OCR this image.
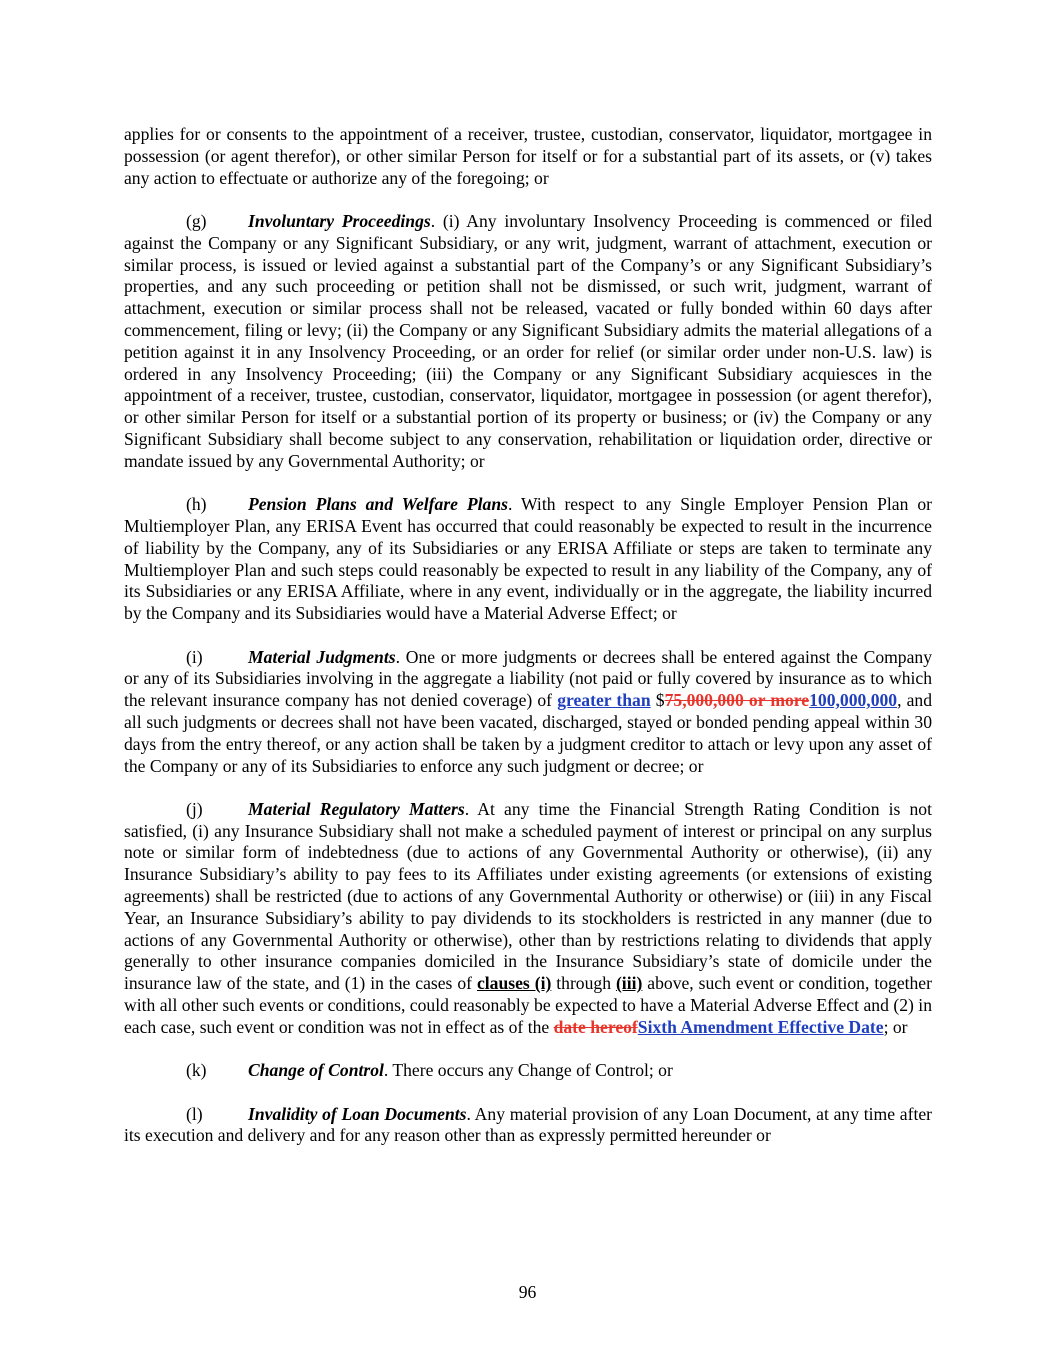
applies for or consents to the appointment of a receiver, trustee, custodian, conservator, liquidator, mortgagee in possession (or agent therefor), or other similar Person for itself or for a substantial part of its assets, or (v) takes any action to effectuate or authorize any of the foregoing; or

(g) Involuntary Proceedings. (i) Any involuntary Insolvency Proceeding is commenced or filed against the Company or any Significant Subsidiary, or any writ, judgment, warrant of attachment, execution or similar process, is issued or levied against a substantial part of the Company’s or any Significant Subsidiary’s properties, and any such proceeding or petition shall not be dismissed, or such writ, judgment, warrant of attachment, execution or similar process shall not be released, vacated or fully bonded within 60 days after commencement, filing or levy; (ii) the Company or any Significant Subsidiary admits the material allegations of a petition against it in any Insolvency Proceeding, or an order for relief (or similar order under non-U.S. law) is ordered in any Insolvency Proceeding; (iii) the Company or any Significant Subsidiary acquiesces in the appointment of a receiver, trustee, custodian, conservator, liquidator, mortgagee in possession (or agent therefor), or other similar Person for itself or a substantial portion of its property or business; or (iv) the Company or any Significant Subsidiary shall become subject to any conservation, rehabilitation or liquidation order, directive or mandate issued by any Governmental Authority; or

(h) Pension Plans and Welfare Plans. With respect to any Single Employer Pension Plan or Multiemployer Plan, any ERISA Event has occurred that could reasonably be expected to result in the incurrence of liability by the Company, any of its Subsidiaries or any ERISA Affiliate or steps are taken to terminate any Multiemployer Plan and such steps could reasonably be expected to result in any liability of the Company, any of its Subsidiaries or any ERISA Affiliate, where in any event, individually or in the aggregate, the liability incurred by the Company and its Subsidiaries would have a Material Adverse Effect; or

(i)	Material Judgments. One or more judgments or decrees shall be entered against the Company or any of its Subsidiaries involving in the aggregate a liability (not paid or fully covered by insurance as to which the relevant insurance company has not denied coverage) of greater than $75,000,000 or more100,000,000, and all such judgments or decrees shall not have been vacated, discharged, stayed or bonded pending appeal within 30 days from the entry thereof, or any action shall be taken by a judgment creditor to attach or levy upon any asset of the Company or any of its Subsidiaries to enforce any such judgment or decree; or

(j)	Material Regulatory Matters. At any time the Financial Strength Rating Condition is not satisfied, (i) any Insurance Subsidiary shall not make a scheduled payment of interest or principal on any surplus note or similar form of indebtedness (due to actions of any Governmental Authority or otherwise), (ii) any Insurance Subsidiary’s ability to pay fees to its Affiliates under existing agreements (or extensions of existing agreements) shall be restricted (due to actions of any Governmental Authority or otherwise) or (iii) in any Fiscal Year, an Insurance Subsidiary’s ability to pay dividends to its stockholders is restricted in any manner (due to actions of any Governmental Authority or otherwise), other than by restrictions relating to dividends that apply generally to other insurance companies domiciled in the Insurance Subsidiary’s state of domicile under the insurance law of the state, and (1) in the cases of clauses (i) through (iii) above, such event or condition, together with all other such events or conditions, could reasonably be expected to have a Material Adverse Effect and (2) in each case, such event or condition was not in effect as of the date hereofSixth Amendment Effective Date; or

(k) Change of Control. There occurs any Change of Control; or

(l)	Invalidity of Loan Documents. Any material provision of any Loan Document, at any time after its execution and delivery and for any reason other than as expressly permitted hereunder or

96
